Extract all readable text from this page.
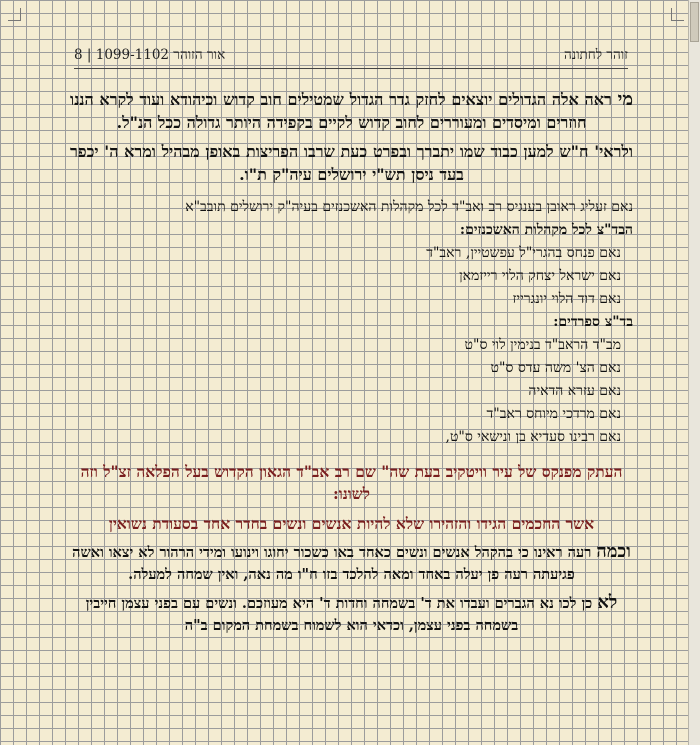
זוהר לחתונה
8 | אור הזוהר 1099-1102

מי ראה אלה הגדולים יוצאים לחזק גדר הגדול שמטילים חוב קדוש וכיהודא ועוד לקרא הננו חוזרים ומיסדים ומעוררים לחוב קדוש לקיים בקפידה היותר גדולה ככל הנ"ל.

ולראי' ח"ש למען כבוד שמו יתברך ובפרט כעת שרבו הפריצות באופן מבהיל ומרא ה' יכפר בעד ניסן תש"י ירושלים עיה"ק ת"ו.

נאם זעליג ראובן בענגיס רב ואב"ד לכל מקהלות האשכנזים בעיה"ק ירושלים תובב"א
הבד"צ לכל מקהלות האשכנזים:
נאם פנחס בהגרי"ל עפשטיין, ראב"ד
נאם ישראל יצחק הלוי רייזמאן
נאם דוד הלוי יונגרייז
בד"צ ספרדים:
מב"ד הראב"ד בנימין לוי ס"ט
נאם הצ' משה עדס ס"ט
נאם עזרא הדאיה
נאם מרדכי מיוחס ראב"ד
נאם רבינו סעדיא בן ונישאי ס"ט,
העתק מפנקס של עיר וויטקיב בעת שה" שם רב אב"ד הגאון הקדוש בעל הפלאה זצ"ל וזה לשונו:
אשר החכמים הגידו והזהירו שלא להיות אנשים ונשים בחדר אחד בסעודת נשואין

וכמה רעה ראינו כי בהקהל אנשים ונשים כאחד באו כשכור יחוגו וינועו ומידי הרהור לא יצאו ואשה פגיעתה רעה פן יעלה באחד ומאה להלכד בזו ח"ו מה נאה, ואין שמחה למעלה.

לא כן לכו נא הגברים ועבדו את ד' בשמחה וחדות ד' היא מעוזכם. ונשים עם בפני עצמן חייבין בשמחה בפני עצמן, וכדאי הוא לשמוח בשמחת המקום ב"ה
